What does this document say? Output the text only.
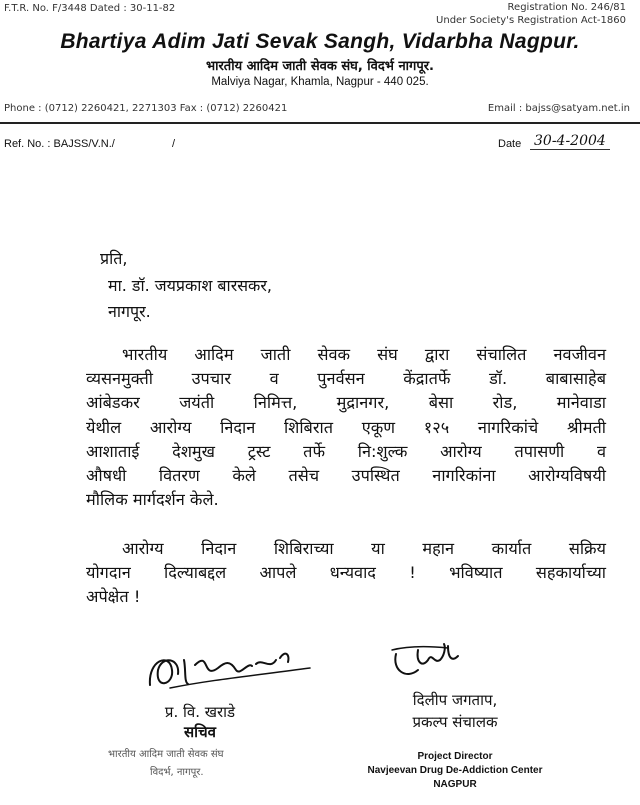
F.T.R. No. F/3448 Dated : 30-11-82	Registration No. 246/81
Under Society's Registration Act-1860
Bhartiya Adim Jati Sevak Sangh, Vidarbha Nagpur.
भारतीय आदिम जाती सेवक संघ, विदर्भ नागपूर.
Malviya Nagar, Khamla, Nagpur - 440 025.
Phone : (0712) 2260421, 2271303 Fax : (0712) 2260421	Email : bajss@satyam.net.in
Ref. No. : BAJSS/V.N./	/	Date 30-4-2004
प्रति,
मा. डॉ. जयप्रकाश बारसकर,
नागपूर.
भारतीय आदिम जाती सेवक संघ द्वारा संचालित नवजीवन
व्यसनमुक्ती उपचार व पुनर्वसन केंद्रातर्फे डॉ. बाबासाहेब
आंबेडकर जयंती निमित्त, मुद्रानगर, बेसा रोड, मानेवाडा
येथील आरोग्य निदान शिबिरात एकूण १२५ नागरिकांचे श्रीमती
आशाताई देशमुख ट्रस्ट तर्फे नि:शुल्क आरोग्य तपासणी व
औषधी वितरण केले तसेच उपस्थित नागरिकांना आरोग्यविषयी
मौलिक मार्गदर्शन केले.
आरोग्य निदान शिबिराच्या या महान कार्यात सक्रिय
योगदान दिल्याबद्दल आपले धन्यवाद ! भविष्यात सहकार्याच्या
अपेक्षेत !
प्र. वि. खराडे
सचिव
भारतीय आदिम जाती सेवक संघ
विदर्भ, नागपूर.
दिलीप जगताप,
प्रकल्प संचालक
Project Director
Navjeevan Drug De-Addiction Center
NAGPUR
